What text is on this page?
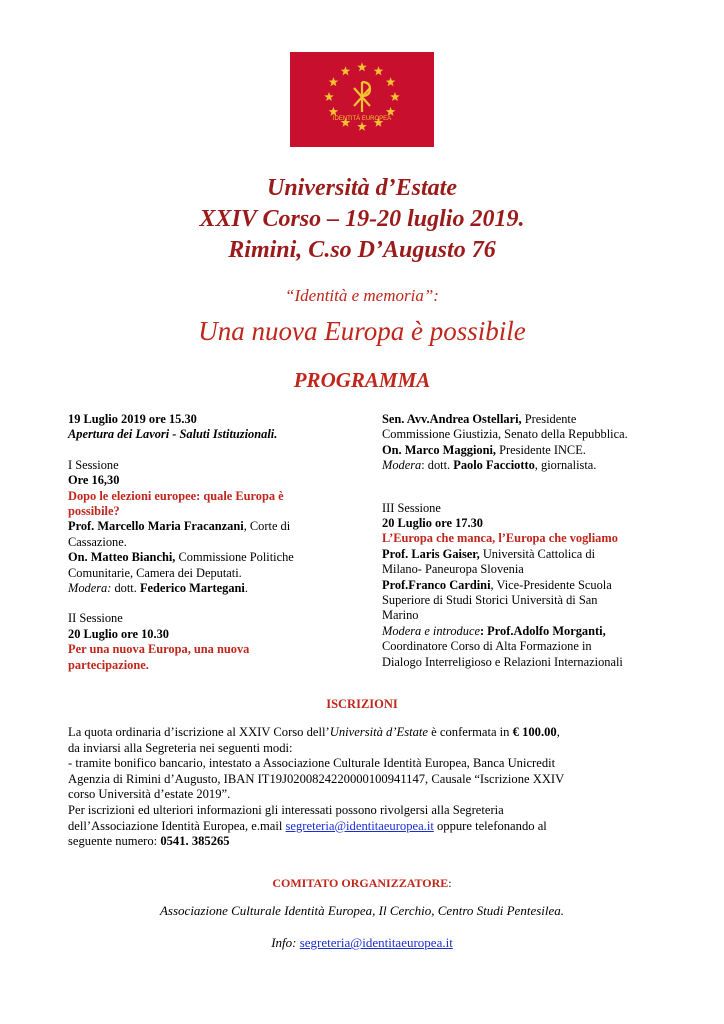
IDENTITÀ EUROPEA
Università d’Estate
XXIV Corso – 19-20 luglio 2019.
Rimini, C.so D’Augusto 76
“Identità e memoria”:
Una nuova Europa è possibile
PROGRAMMA

19 Luglio 2019 ore 15.30

Apertura dei Lavori - Saluti Istituzionali.

I Sessione

Ore 16,30

Dopo le elezioni europee: quale Europa è

possibile?

Prof. Marcello Maria Fracanzani, Corte di

Cassazione.

On. Matteo Bianchi, Commissione Politiche

Comunitarie, Camera dei Deputati.

Modera: dott. Federico Martegani.

II Sessione

20 Luglio ore 10.30

Per una nuova Europa, una nuova

partecipazione.

Sen. Avv.Andrea Ostellari, Presidente

Commissione Giustizia, Senato della Repubblica.

On. Marco Maggioni, Presidente INCE.

Modera: dott. Paolo Facciotto, giornalista.

III Sessione

20 Luglio ore 17.30

L’Europa che manca, l’Europa che vogliamo

Prof. Laris Gaiser, Università Cattolica di

Milano- Paneuropa Slovenia

Prof.Franco Cardini, Vice-Presidente Scuola

Superiore di Studi Storici Università di San

Marino

Modera e introduce: Prof.Adolfo Morganti,

Coordinatore Corso di Alta Formazione in

Dialogo Interreligioso e Relazioni Internazionali

ISCRIZIONI

La quota ordinaria d’iscrizione al XXIV Corso dell’Università d’Estate è confermata in € 100.00,

da inviarsi alla Segreteria nei seguenti modi:

- tramite bonifico bancario, intestato a Associazione Culturale Identità Europea, Banca Unicredit

Agenzia di Rimini d’Augusto, IBAN IT19J0200824220000100941147, Causale “Iscrizione XXIV

corso Università d’estate 2019”.

Per iscrizioni ed ulteriori informazioni gli interessati possono rivolgersi alla Segreteria

dell’Associazione Identità Europea, e.mail segreteria@identitaeuropea.it oppure telefonando al

seguente numero: 0541. 385265

COMITATO ORGANIZZATORE:
Associazione Culturale Identità Europea, Il Cerchio, Centro Studi Pentesilea.
Info: segreteria@identitaeuropea.it
